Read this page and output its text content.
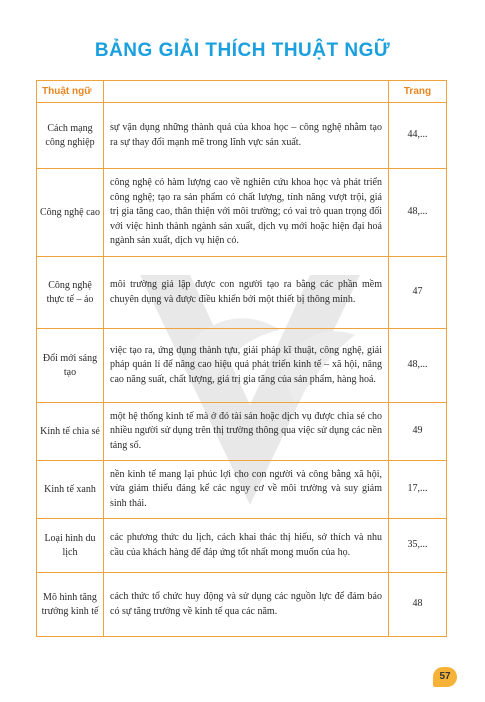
BẢNG GIẢI THÍCH THUẬT NGỮ
Thuật ngữ		Trang
Cách mạng công nghiệp	sự vận dụng những thành quả của khoa học – công nghệ nhằm tạo ra sự thay đổi mạnh mẽ trong lĩnh vực sản xuất.	44,...
Công nghệ cao	công nghệ có hàm lượng cao về nghiên cứu khoa học và phát triển công nghệ; tạo ra sản phẩm có chất lượng, tính năng vượt trội, giá trị gia tăng cao, thân thiện với môi trường; có vai trò quan trọng đối với việc hình thành ngành sản xuất, dịch vụ mới hoặc hiện đại hoá ngành sản xuất, dịch vụ hiện có.	48,...
Công nghệ thực tế – ảo	môi trường giả lập được con người tạo ra bằng các phần mềm chuyên dụng và được điều khiển bởi một thiết bị thông minh.	47
Đổi mới sáng tạo	việc tạo ra, ứng dụng thành tựu, giải pháp kĩ thuật, công nghệ, giải pháp quản lí để nâng cao hiệu quả phát triển kinh tế – xã hội, nâng cao năng suất, chất lượng, giá trị gia tăng của sản phẩm, hàng hoá.	48,...
Kinh tế chia sẻ	một hệ thống kinh tế mà ở đó tài sản hoặc dịch vụ được chia sẻ cho nhiều người sử dụng trên thị trường thông qua việc sử dụng các nền tảng số.	49
Kinh tế xanh	nền kinh tế mang lại phúc lợi cho con người và công bằng xã hội, vừa giảm thiểu đáng kể các nguy cơ về môi trường và suy giảm sinh thái.	17,...
Loại hình du lịch	các phương thức du lịch, cách khai thác thị hiếu, sở thích và nhu cầu của khách hàng để đáp ứng tốt nhất mong muốn của họ.	35,...
Mô hình tăng trưởng kinh tế	cách thức tổ chức huy động và sử dụng các nguồn lực để đảm bảo có sự tăng trưởng về kinh tế qua các năm.	48
57
